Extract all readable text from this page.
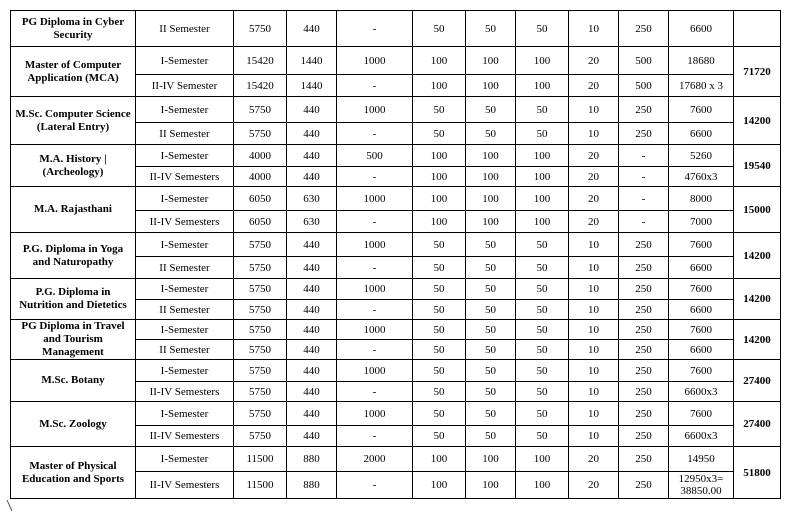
PG Diploma in Cyber Security	II Semester	5750	440	-	50	50	50	10	250	6600	
Master of Computer Application (MCA)	I-Semester	15420	1440	1000	100	100	100	20	500	18680	71720
	II-IV Semester	15420	1440	-	100	100	100	20	500	17680 x 3	
M.Sc. Computer Science (Lateral Entry)	I-Semester	5750	440	1000	50	50	50	10	250	7600	14200
	II Semester	5750	440	-	50	50	50	10	250	6600	
M.A. History |(Archeology)	I-Semester	4000	440	500	100	100	100	20	-	5260	19540
	II-IV Semesters	4000	440	-	100	100	100	20	-	4760x3	
M.A. Rajasthani	I-Semester	6050	630	1000	100	100	100	20	-	8000	15000
	II-IV Semesters	6050	630	-	100	100	100	20	-	7000	
P.G. Diploma in Yoga and Naturopathy	I-Semester	5750	440	1000	50	50	50	10	250	7600	14200
	II Semester	5750	440	-	50	50	50	10	250	6600	
P.G. Diploma in Nutrition and Dietetics	I-Semester	5750	440	1000	50	50	50	10	250	7600	14200
	II Semester	5750	440	-	50	50	50	10	250	6600	
PG Diploma in Travel and Tourism Management	I-Semester	5750	440	1000	50	50	50	10	250	7600	14200
	II Semester	5750	440	-	50	50	50	10	250	6600	
M.Sc. Botany	I-Semester	5750	440	1000	50	50	50	10	250	7600	27400
	II-IV Semesters	5750	440	-	50	50	50	10	250	6600x3	
M.Sc. Zoology	I-Semester	5750	440	1000	50	50	50	10	250	7600	27400
	II-IV Semesters	5750	440	-	50	50	50	10	250	6600x3	
Master of Physical Education and Sports	I-Semester	11500	880	2000	100	100	100	20	250	14950	51800
	II-IV Semesters	11500	880	-	100	100	100	20	250	12950x3= 38850.00	
